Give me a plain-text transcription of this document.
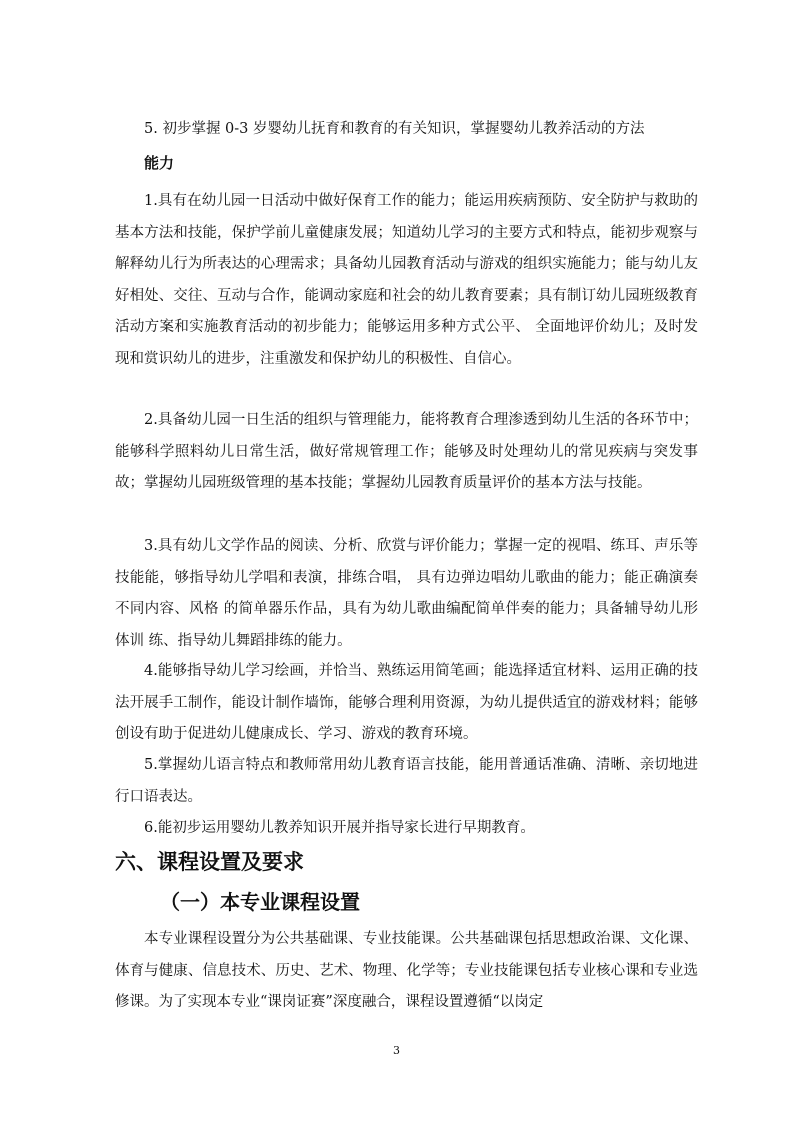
5. 初步掌握 0-3 岁婴幼儿抚育和教育的有关知识，掌握婴幼儿教养活动的方法

能力

1.具有在幼儿园一日活动中做好保育工作的能力；能运用疾病预防、安全防护与救助的基本方法和技能，保护学前儿童健康发展；知道幼儿学习的主要方式和特点，能初步观察与解释幼儿行为所表达的心理需求；具备幼儿园教育活动与游戏的组织实施能力；能与幼儿友好相处、交往、互动与合作，能调动家庭和社会的幼儿教育要素；具有制订幼儿园班级教育活动方案和实施教育活动的初步能力；能够运用多种方式公平、 全面地评价幼儿；及时发现和赏识幼儿的进步，注重激发和保护幼儿的积极性、自信心。

2.具备幼儿园一日生活的组织与管理能力，能将教育合理渗透到幼儿生活的各环节中；能够科学照料幼儿日常生活，做好常规管理工作；能够及时处理幼儿的常见疾病与突发事故；掌握幼儿园班级管理的基本技能；掌握幼儿园教育质量评价的基本方法与技能。

3.具有幼儿文学作品的阅读、分析、欣赏与评价能力；掌握一定的视唱、练耳、声乐等技能能，够指导幼儿学唱和表演，排练合唱， 具有边弹边唱幼儿歌曲的能力；能正确演奏不同内容、风格 的简单器乐作品，具有为幼儿歌曲编配简单伴奏的能力；具备辅导幼儿形体训 练、指导幼儿舞蹈排练的能力。

4.能够指导幼儿学习绘画，并恰当、熟练运用简笔画；能选择适宜材料、运用正确的技法开展手工制作，能设计制作墙饰，能够合理利用资源，为幼儿提供适宜的游戏材料；能够创设有助于促进幼儿健康成长、学习、游戏的教育环境。

5.掌握幼儿语言特点和教师常用幼儿教育语言技能，能用普通话准确、清晰、亲切地进行口语表达。

6.能初步运用婴幼儿教养知识开展并指导家长进行早期教育。

六、课程设置及要求
（一）本专业课程设置

本专业课程设置分为公共基础课、专业技能课。公共基础课包括思想政治课、文化课、体育与健康、信息技术、历史、艺术、物理、化学等；专业技能课包括专业核心课和专业选修课。为了实现本专业“课岗证赛”深度融合，课程设置遵循“以岗定

3
